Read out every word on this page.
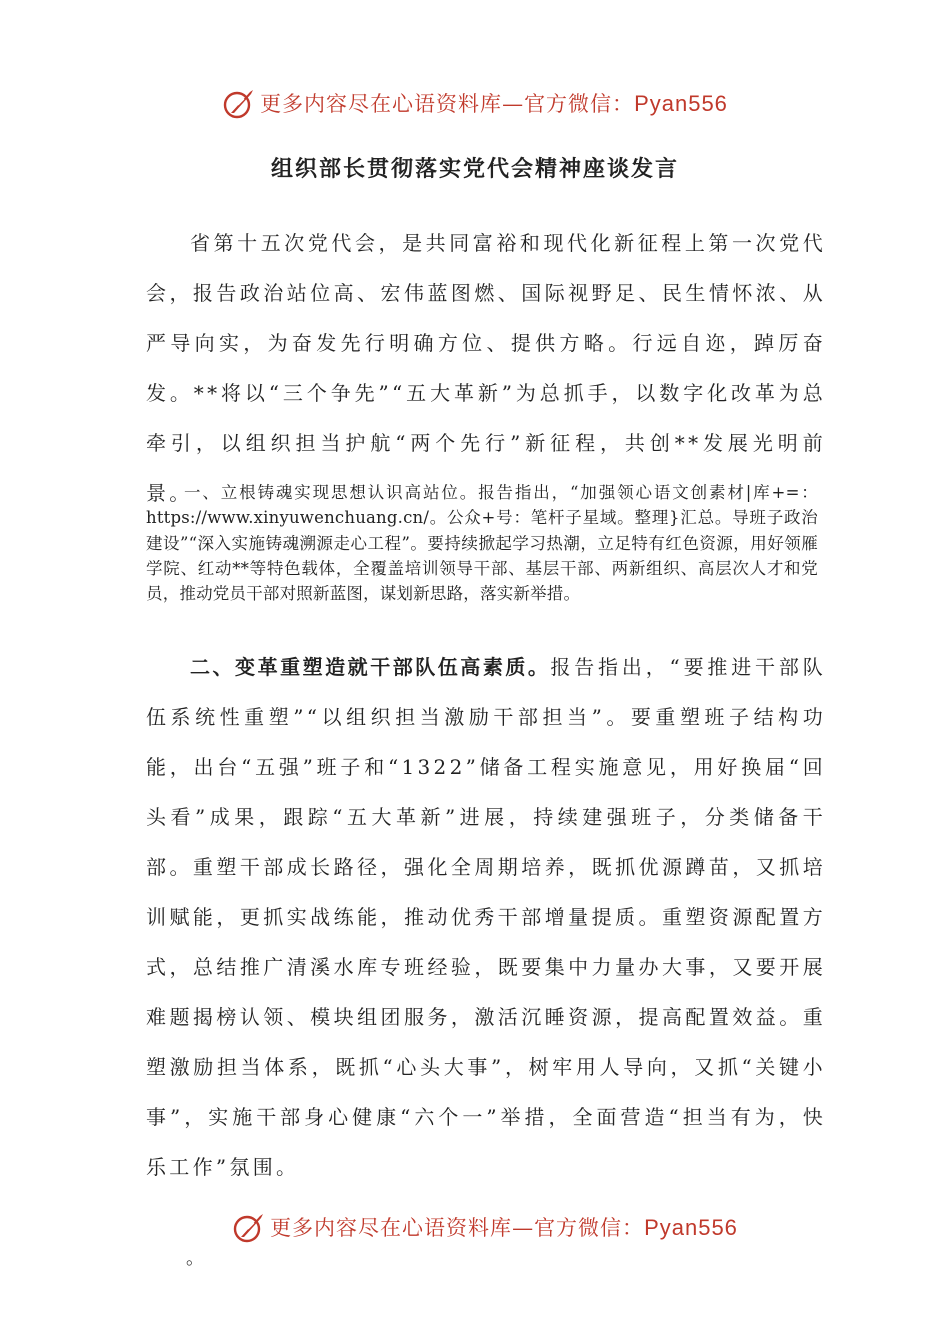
更多内容尽在心语资料库—官方微信：Pyan556
组织部长贯彻落实党代会精神座谈发言
省第十五次党代会，是共同富裕和现代化新征程上第一次党代会，报告政治站位高、宏伟蓝图燃、国际视野足、民生情怀浓、从严导向实，为奋发先行明确方位、提供方略。行远自迩，踔厉奋发。**将以“三个争先”“五大革新”为总抓手，以数字化改革为总牵引，以组织担当护航“两个先行”新征程，共创**发展光明前景。
一、立根铸魂实现思想认识高站位。报告指出，“加强领心语文创素材|库+=：https://www.xinyuwenchuang.cn/。公众+号：笔杆子星域。整理}汇总。导班子政治建设”“深入实施铸魂溯源走心工程”。要持续掀起学习热潮，立足特有红色资源，用好领雁学院、红动**等特色载体，全覆盖培训领导干部、基层干部、两新组织、高层次人才和党员，推动党员干部对照新蓝图，谋划新思路，落实新举措。
二、变革重塑造就干部队伍高素质。报告指出，“要推进干部队伍系统性重塑”“以组织担当激励干部担当”。要重塑班子结构功能，出台“五强”班子和“1322”储备工程实施意见，用好换届“回头看”成果，跟踪“五大革新”进展，持续建强班子，分类储备干部。重塑干部成长路径，强化全周期培养，既抓优源蹲苗，又抓培训赋能，更抓实战练能，推动优秀干部增量提质。重塑资源配置方式，总结推广清溪水库专班经验，既要集中力量办大事，又要开展难题揭榜认领、模块组团服务，激活沉睡资源，提高配置效益。重塑激励担当体系，既抓“心头大事”，树牢用人导向，又抓“关键小事”，实施干部身心健康“六个一”举措，全面营造“担当有为，快乐工作”氛围。
更多内容尽在心语资料库—官方微信：Pyan556
。
